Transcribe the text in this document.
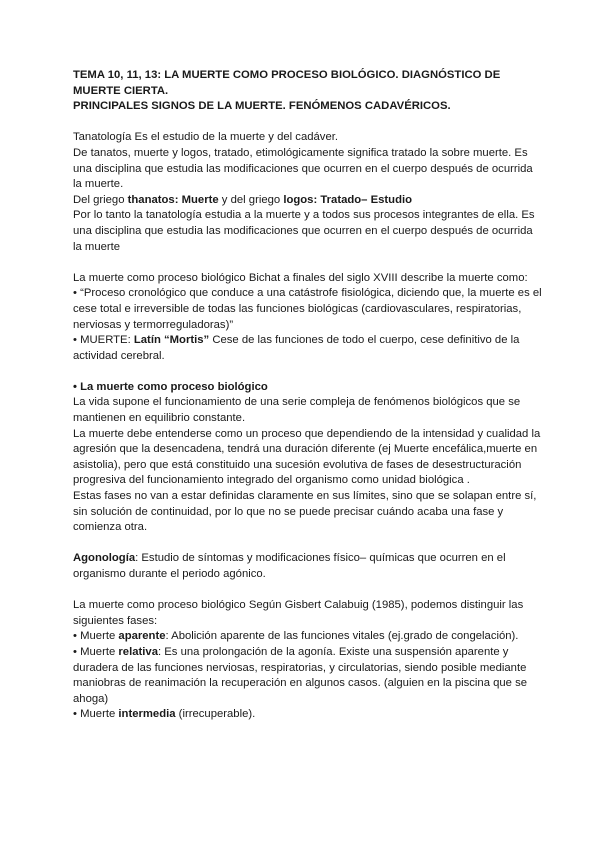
TEMA 10, 11, 13: LA MUERTE COMO PROCESO BIOLÓGICO. DIAGNÓSTICO DE MUERTE CIERTA.

PRINCIPALES SIGNOS DE LA MUERTE. FENÓMENOS CADAVÉRICOS.

Tanatología Es el estudio de la muerte y del cadáver.

De tanatos, muerte y logos, tratado, etimológicamente significa tratado la sobre muerte. Es una disciplina que estudia las modificaciones que ocurren en el cuerpo después de ocurrida la muerte.

Del griego thanatos: Muerte y del griego logos: Tratado– Estudio

Por lo tanto la tanatología estudia a la muerte y a todos sus procesos integrantes de ella. Es una disciplina que estudia las modificaciones que ocurren en el cuerpo después de ocurrida la muerte

La muerte como proceso biológico Bichat a finales del siglo XVIII describe la muerte como:

• “Proceso cronológico que conduce a una catástrofe fisiológica, diciendo que, la muerte es el cese total e irreversible de todas las funciones biológicas (cardiovasculares, respiratorias, nerviosas y termorreguladoras)”

• MUERTE: Latín “Mortis” Cese de las funciones de todo el cuerpo, cese definitivo de la actividad cerebral.

• La muerte como proceso biológico

La vida supone el funcionamiento de una serie compleja de fenómenos biológicos que se mantienen en equilibrio constante.

La muerte debe entenderse como un proceso que dependiendo de la intensidad y cualidad la agresión que la desencadena, tendrá una duración diferente (ej Muerte encefálica,muerte en asistolia), pero que está constituido una sucesión evolutiva de fases de desestructuración progresiva del funcionamiento integrado del organismo como unidad biológica .

Estas fases no van a estar definidas claramente en sus límites, sino que se solapan entre sí, sin solución de continuidad, por lo que no se puede precisar cuándo acaba una fase y comienza otra.

Agonología: Estudio de síntomas y modificaciones físico– químicas que ocurren en el organismo durante el periodo agónico.

La muerte como proceso biológico Según Gisbert Calabuig (1985), podemos distinguir las siguientes fases:

• Muerte aparente: Abolición aparente de las funciones vitales (ej.grado de congelación).

• Muerte relativa: Es una prolongación de la agonía. Existe una suspensión aparente y duradera de las funciones nerviosas, respiratorias, y circulatorias, siendo posible mediante maniobras de reanimación la recuperación en algunos casos. (alguien en la piscina que se ahoga)

• Muerte intermedia (irrecuperable).
